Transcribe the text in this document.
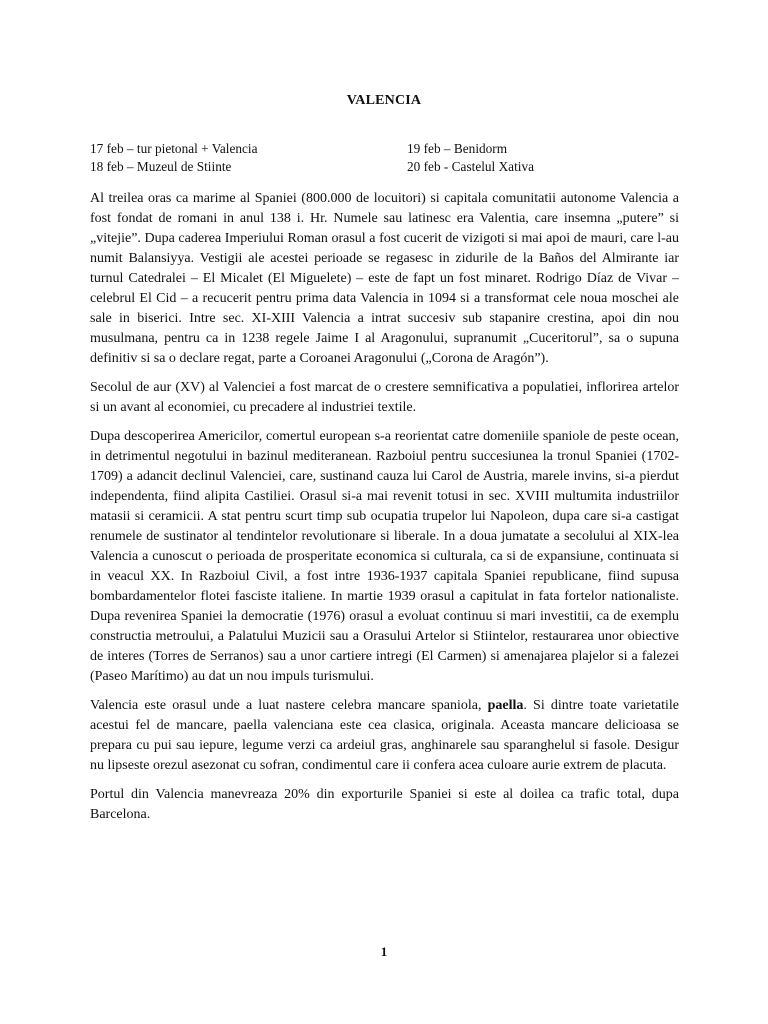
VALENCIA
17 feb – tur pietonal + Valencia	19 feb – Benidorm
18 feb – Muzeul de Stiinte	20 feb - Castelul Xativa

Al treilea oras ca marime al Spaniei (800.000 de locuitori) si capitala comunitatii autonome Valencia a fost fondat de romani in anul 138 i. Hr. Numele sau latinesc era Valentia, care insemna „putere” si „vitejie”. Dupa caderea Imperiului Roman orasul a fost cucerit de vizigoti si mai apoi de mauri, care l-au numit Balansiyya. Vestigii ale acestei perioade se regasesc in zidurile de la Baños del Almirante iar turnul Catedralei – El Micalet (El Miguelete) – este de fapt un fost minaret. Rodrigo Díaz de Vivar – celebrul El Cid – a recucerit pentru prima data Valencia in 1094 si a transformat cele noua moschei ale sale in biserici. Intre sec. XI-XIII Valencia a intrat succesiv sub stapanire crestina, apoi din nou musulmana, pentru ca in 1238 regele Jaime I al Aragonului, supranumit „Cuceritorul”, sa o supuna definitiv si sa o declare regat, parte a Coroanei Aragonului („Corona de Aragón”).

Secolul de aur (XV) al Valenciei a fost marcat de o crestere semnificativa a populatiei, inflorirea artelor si un avant al economiei, cu precadere al industriei textile.

Dupa descoperirea Americilor, comertul european s-a reorientat catre domeniile spaniole de peste ocean, in detrimentul negotului in bazinul mediteranean. Razboiul pentru succesiunea la tronul Spaniei (1702-1709) a adancit declinul Valenciei, care, sustinand cauza lui Carol de Austria, marele invins, si-a pierdut independenta, fiind alipita Castiliei. Orasul si-a mai revenit totusi in sec. XVIII multumita industriilor matasii si ceramicii. A stat pentru scurt timp sub ocupatia trupelor lui Napoleon, dupa care si-a castigat renumele de sustinator al tendintelor revolutionare si liberale. In a doua jumatate a secolului al XIX-lea Valencia a cunoscut o perioada de prosperitate economica si culturala, ca si de expansiune, continuata si in veacul XX. In Razboiul Civil, a fost intre 1936-1937 capitala Spaniei republicane, fiind supusa bombardamentelor flotei fasciste italiene. In martie 1939 orasul a capitulat in fata fortelor nationaliste. Dupa revenirea Spaniei la democratie (1976) orasul a evoluat continuu si mari investitii, ca de exemplu constructia metroului, a Palatului Muzicii sau a Orasului Artelor si Stiintelor, restaurarea unor obiective de interes (Torres de Serranos) sau a unor cartiere intregi (El Carmen) si amenajarea plajelor si a falezei (Paseo Marítimo) au dat un nou impuls turismului.

Valencia este orasul unde a luat nastere celebra mancare spaniola, paella. Si dintre toate varietatile acestui fel de mancare, paella valenciana este cea clasica, originala. Aceasta mancare delicioasa se prepara cu pui sau iepure, legume verzi ca ardeiul gras, anghinarele sau sparanghelul si fasole. Desigur nu lipseste orezul asezonat cu sofran, condimentul care ii confera acea culoare aurie extrem de placuta.

Portul din Valencia manevreaza 20% din exporturile Spaniei si este al doilea ca trafic total, dupa Barcelona.

1
